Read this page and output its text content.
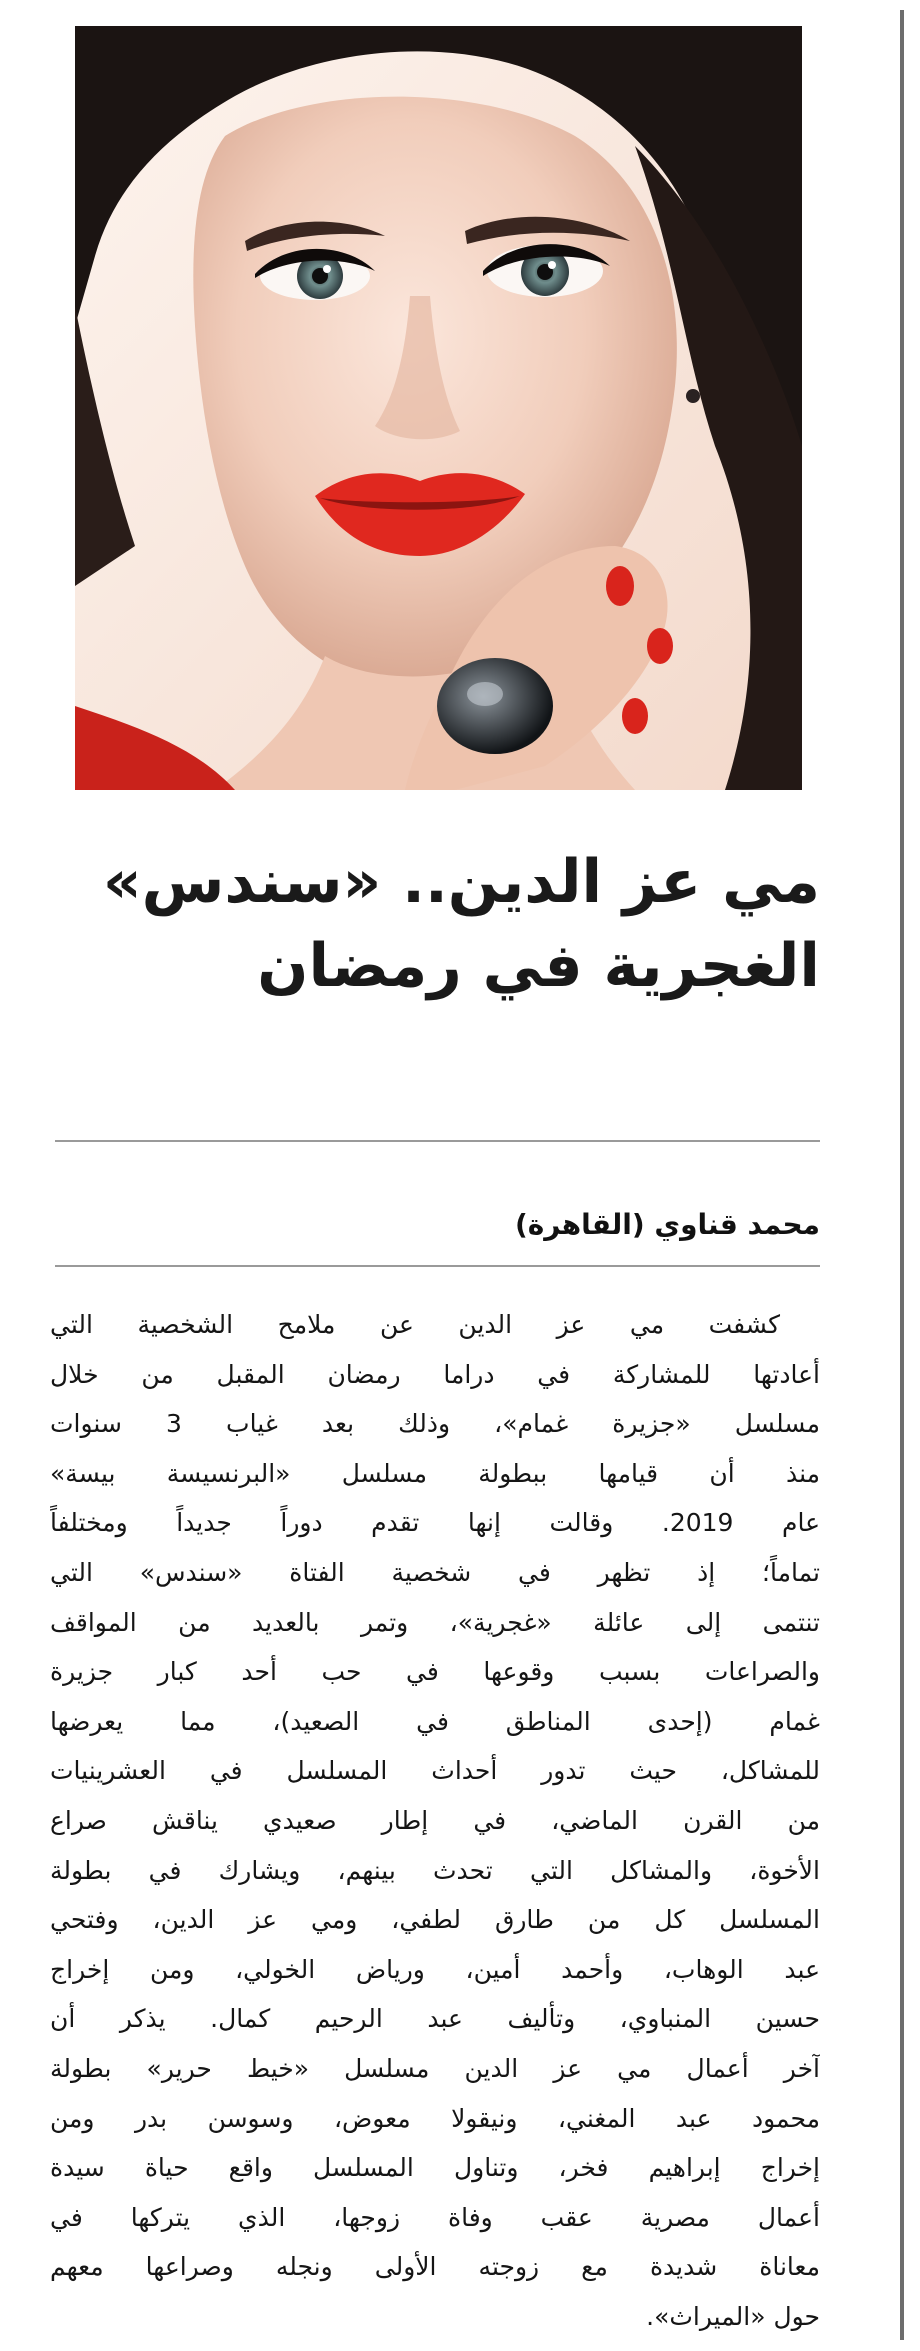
مي عز الدين.. «سندس»
الغجرية في رمضان
محمد قناوي (القاهرة)
كشفت مي عز الدين عن ملامح الشخصية التي
أعادتها للمشاركة في دراما رمضان المقبل من خلال
مسلسل «جزيرة غمام»، وذلك بعد غياب 3 سنوات
منذ أن قيامها ببطولة مسلسل «البرنسيسة بيسة»
عام 2019. وقالت إنها تقدم دوراً جديداً ومختلفاً
تماماً؛ إذ تظهر في شخصية الفتاة «سندس» التي
تنتمى إلى عائلة «غجرية»، وتمر بالعديد من المواقف
والصراعات بسبب وقوعها في حب أحد كبار جزيرة
غمام (إحدى المناطق في الصعيد)، مما يعرضها
للمشاكل، حيث تدور أحداث المسلسل في العشرينيات
من القرن الماضي، في إطار صعيدي يناقش صراع
الأخوة، والمشاكل التي تحدث بينهم، ويشارك في بطولة
المسلسل كل من طارق لطفي، ومي عز الدين، وفتحي
عبد الوهاب، وأحمد أمين، ورياض الخولي، ومن إخراج
حسين المنباوي، وتأليف عبد الرحيم كمال. يذكر أن
آخر أعمال مي عز الدين مسلسل «خيط حرير» بطولة
محمود عبد المغني، ونيقولا معوض، وسوسن بدر ومن
إخراج إبراهيم فخر، وتناول المسلسل واقع حياة سيدة
أعمال مصرية عقب وفاة زوجها، الذي يتركها في
معاناة شديدة مع زوجته الأولى ونجله وصراعها معهم
حول «الميراث».
